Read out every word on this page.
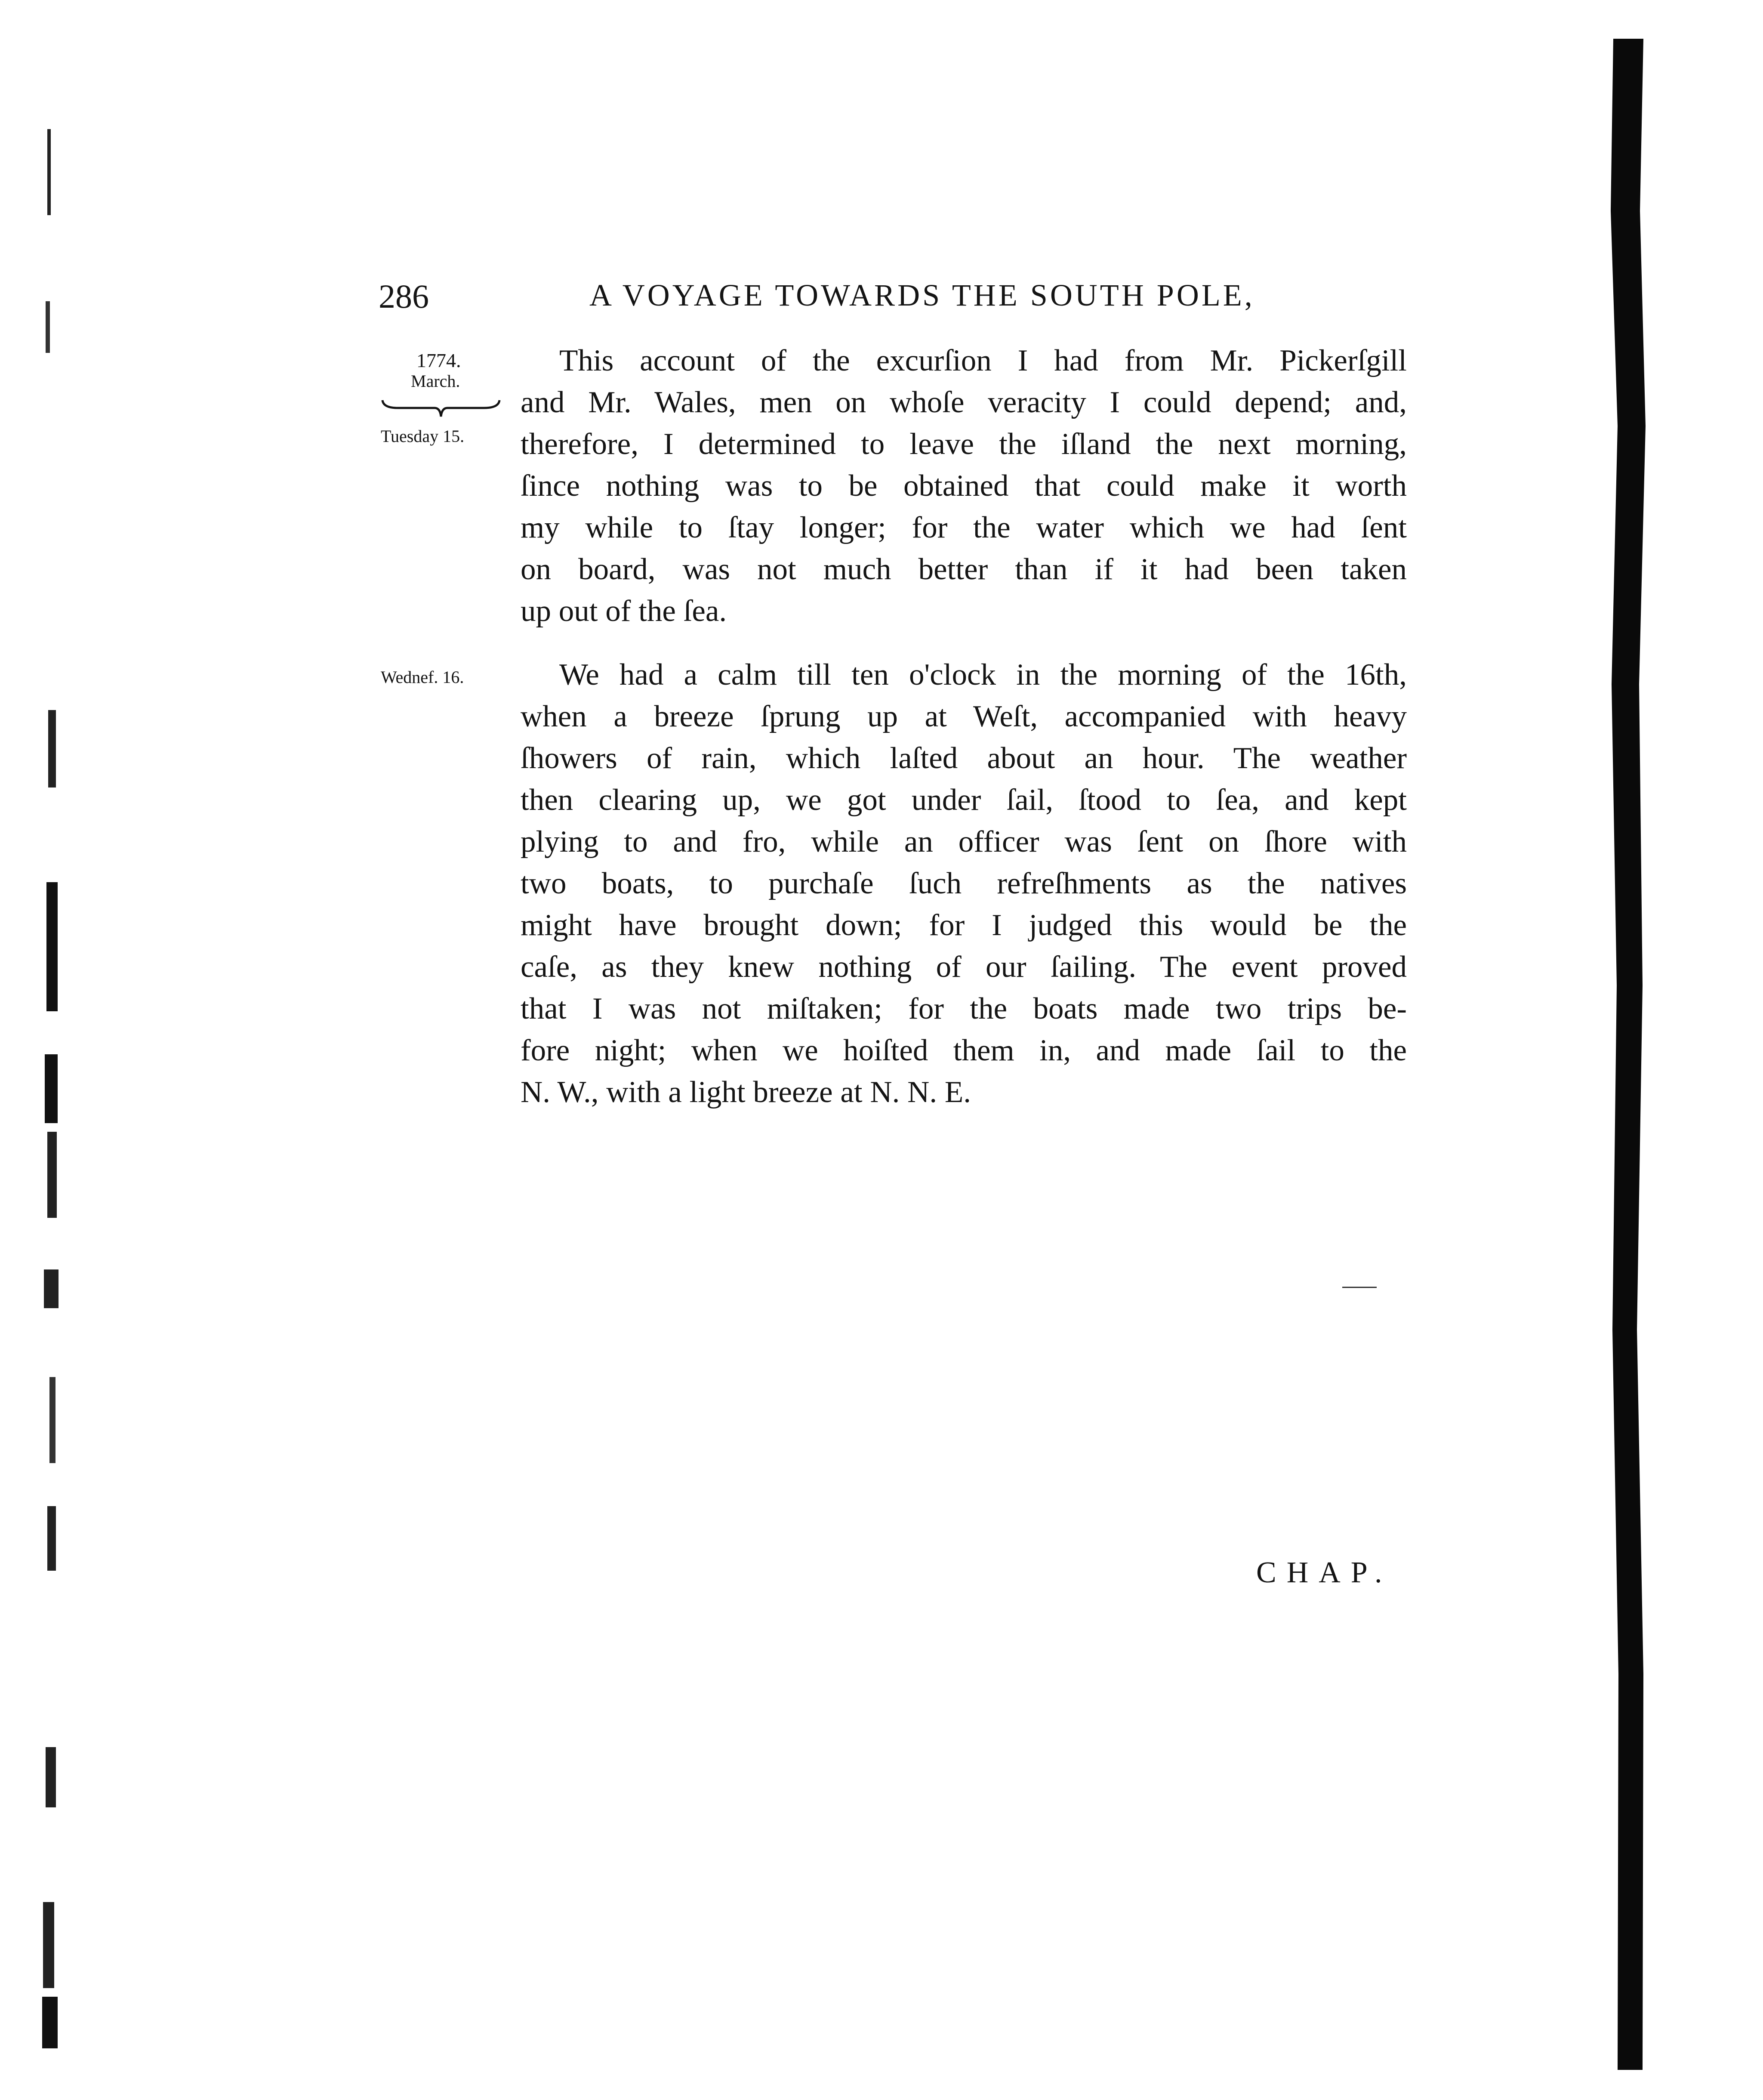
286	A VOYAGE TOWARDS THE SOUTH POLE,
1774.
March.
Tuesday 15.
Wednef. 16.
This account of the excurſion I had from Mr. Pickerſgill
and Mr. Wales, men on whoſe veracity I could depend; and,
therefore, I determined to leave the iſland the next morning,
ſince nothing was to be obtained that could make it worth
my while to ſtay longer; for the water which we had ſent
on board, was not much better than if it had been taken
up out of the ſea.
We had a calm till ten o'clock in the morning of the 16th,
when a breeze ſprung up at Weſt, accompanied with heavy
ſhowers of rain, which laſted about an hour. The weather
then clearing up, we got under ſail, ſtood to ſea, and kept
plying to and fro, while an officer was ſent on ſhore with
two boats, to purchaſe ſuch refreſhments as the natives
might have brought down; for I judged this would be the
caſe, as they knew nothing of our ſailing. The event proved
that I was not miſtaken; for the boats made two trips be-
fore night; when we hoiſted them in, and made ſail to the
N. W., with a light breeze at N. N. E.
CHAP.
